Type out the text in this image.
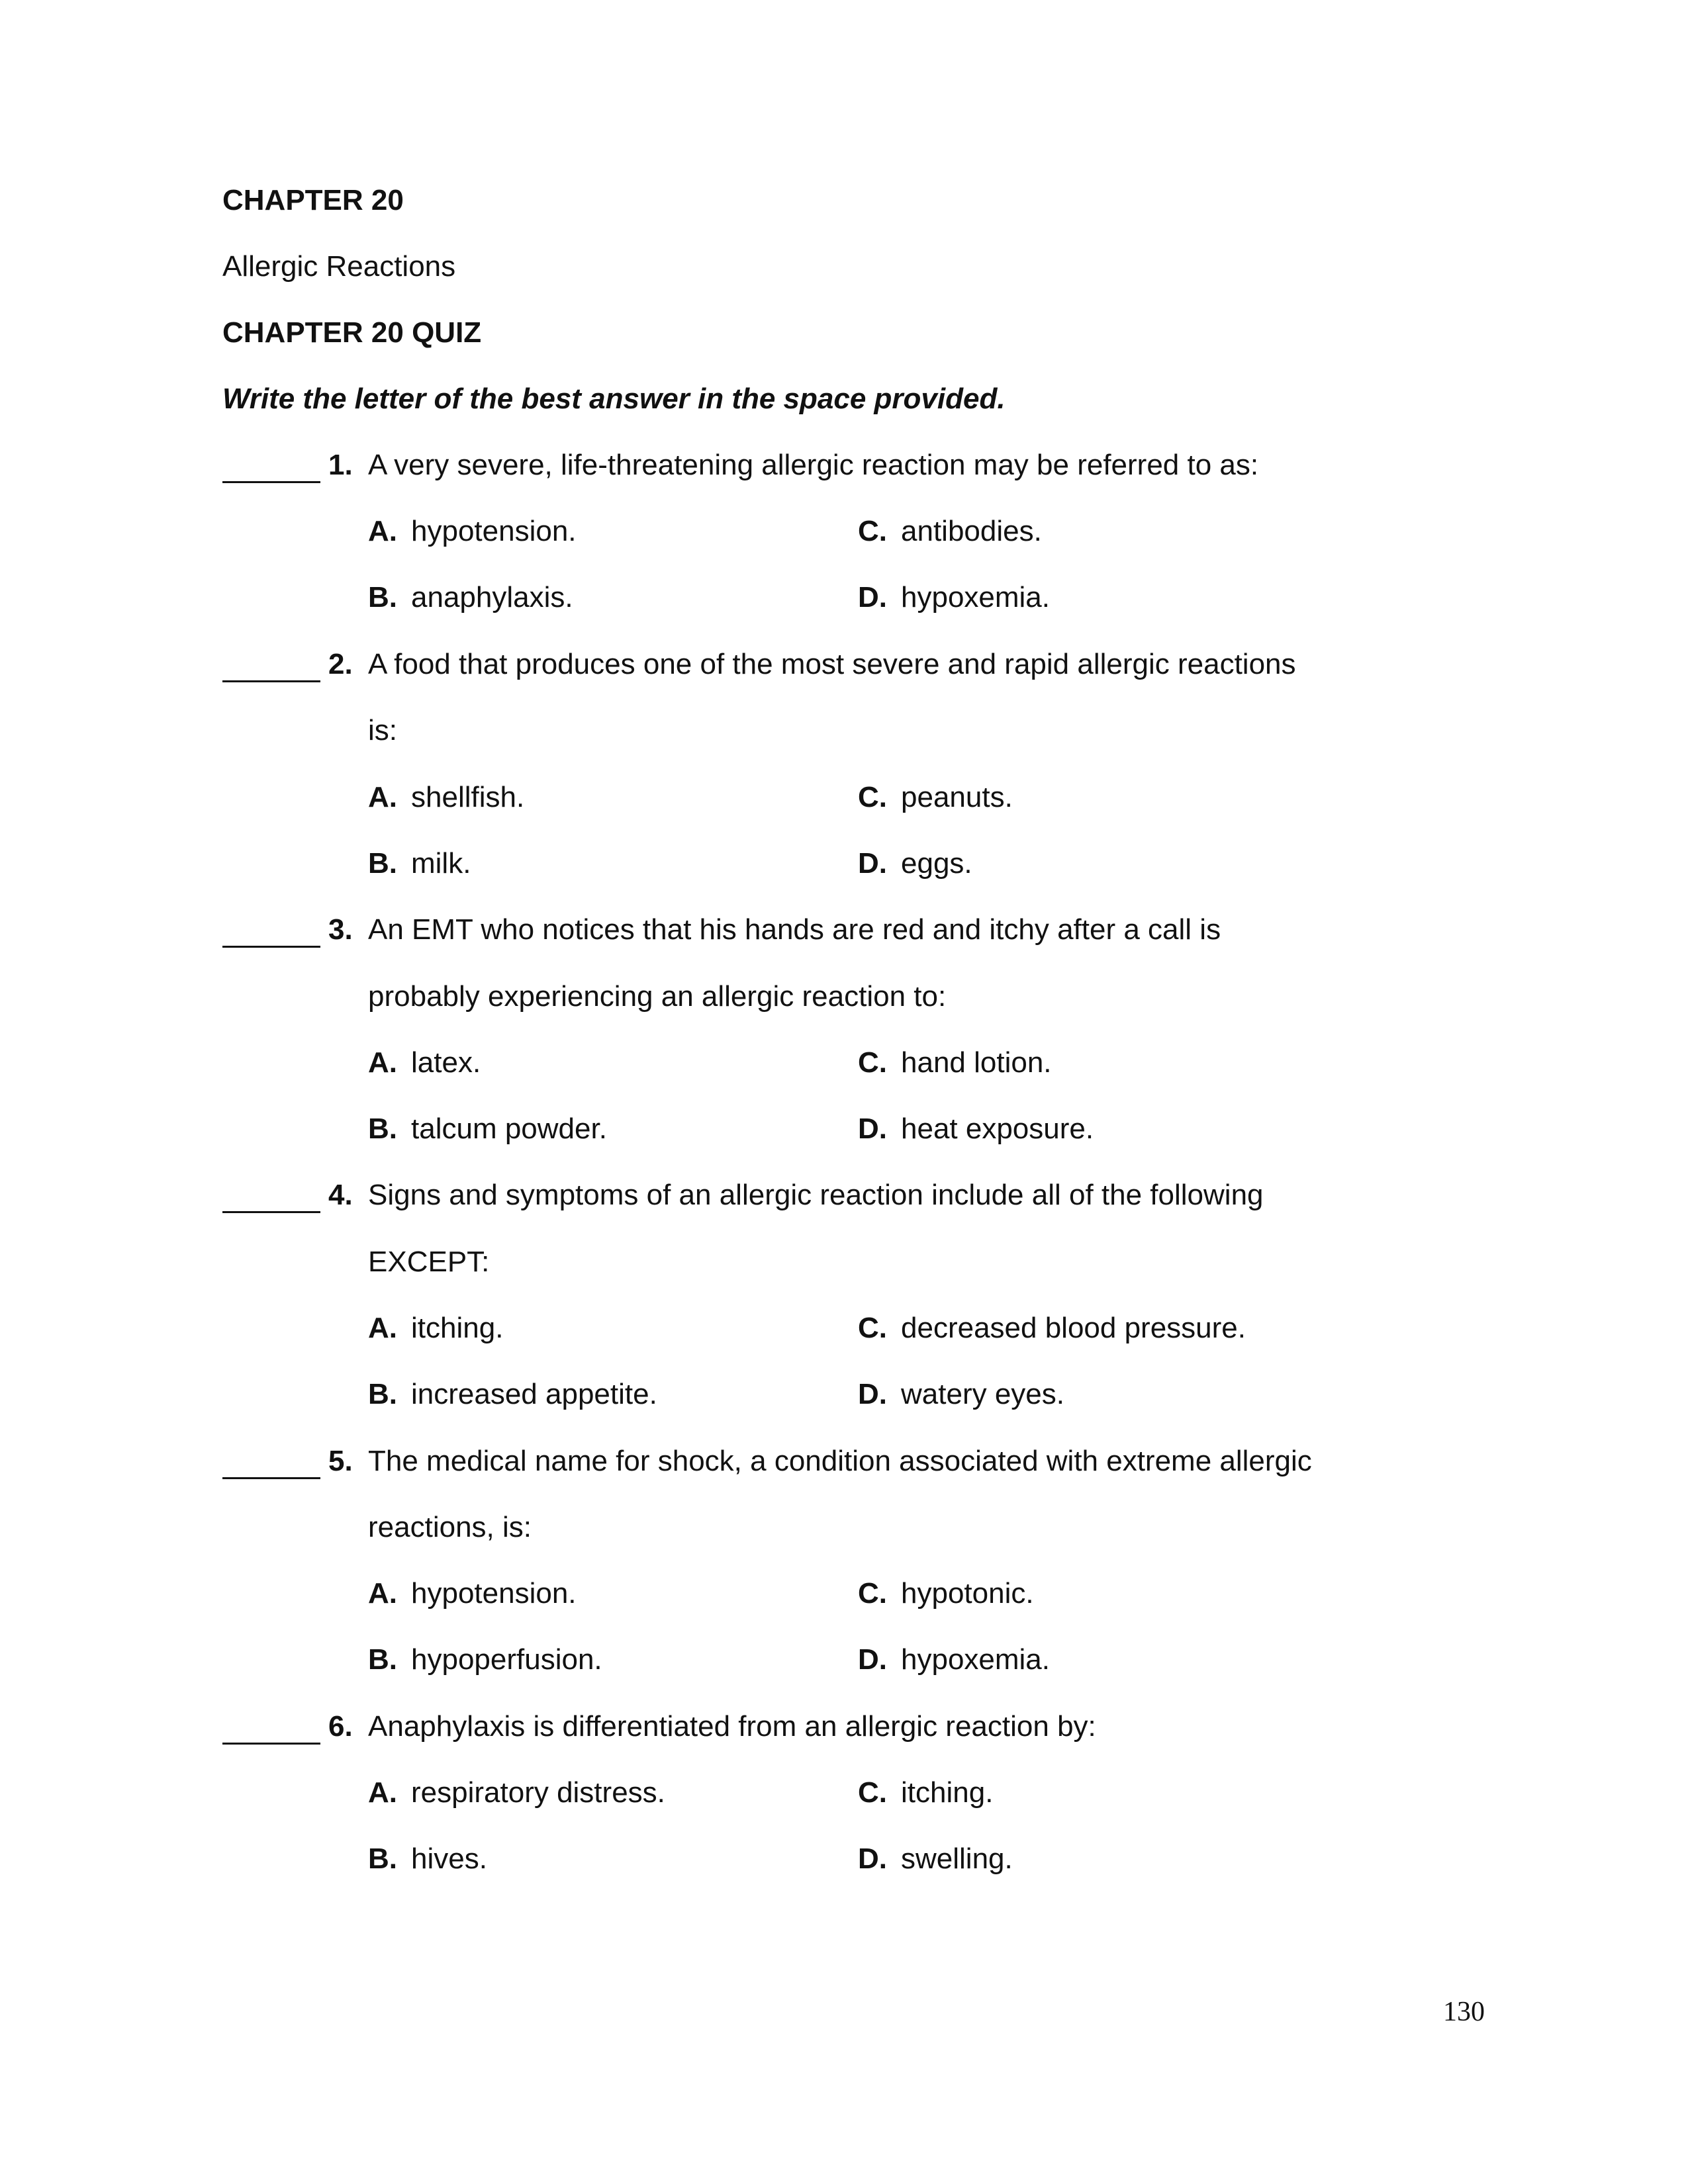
CHAPTER 20
Allergic Reactions
CHAPTER 20 QUIZ
Write the letter of the best answer in the space provided.
1. A very severe, life-threatening allergic reaction may be referred to as:
A. hypotension.	C. antibodies.
B. anaphylaxis.	D. hypoxemia.
2. A food that produces one of the most severe and rapid allergic reactions
is:
A. shellfish.	C. peanuts.
B. milk.	D. eggs.
3. An EMT who notices that his hands are red and itchy after a call is
probably experiencing an allergic reaction to:
A. latex.	C. hand lotion.
B. talcum powder.	D. heat exposure.
4. Signs and symptoms of an allergic reaction include all of the following
EXCEPT:
A. itching.	C. decreased blood pressure.
B. increased appetite.	D. watery eyes.
5. The medical name for shock, a condition associated with extreme allergic
reactions, is:
A. hypotension.	C. hypotonic.
B. hypoperfusion.	D. hypoxemia.
6. Anaphylaxis is differentiated from an allergic reaction by:
A. respiratory distress.	C. itching.
B. hives.	D. swelling.
130
